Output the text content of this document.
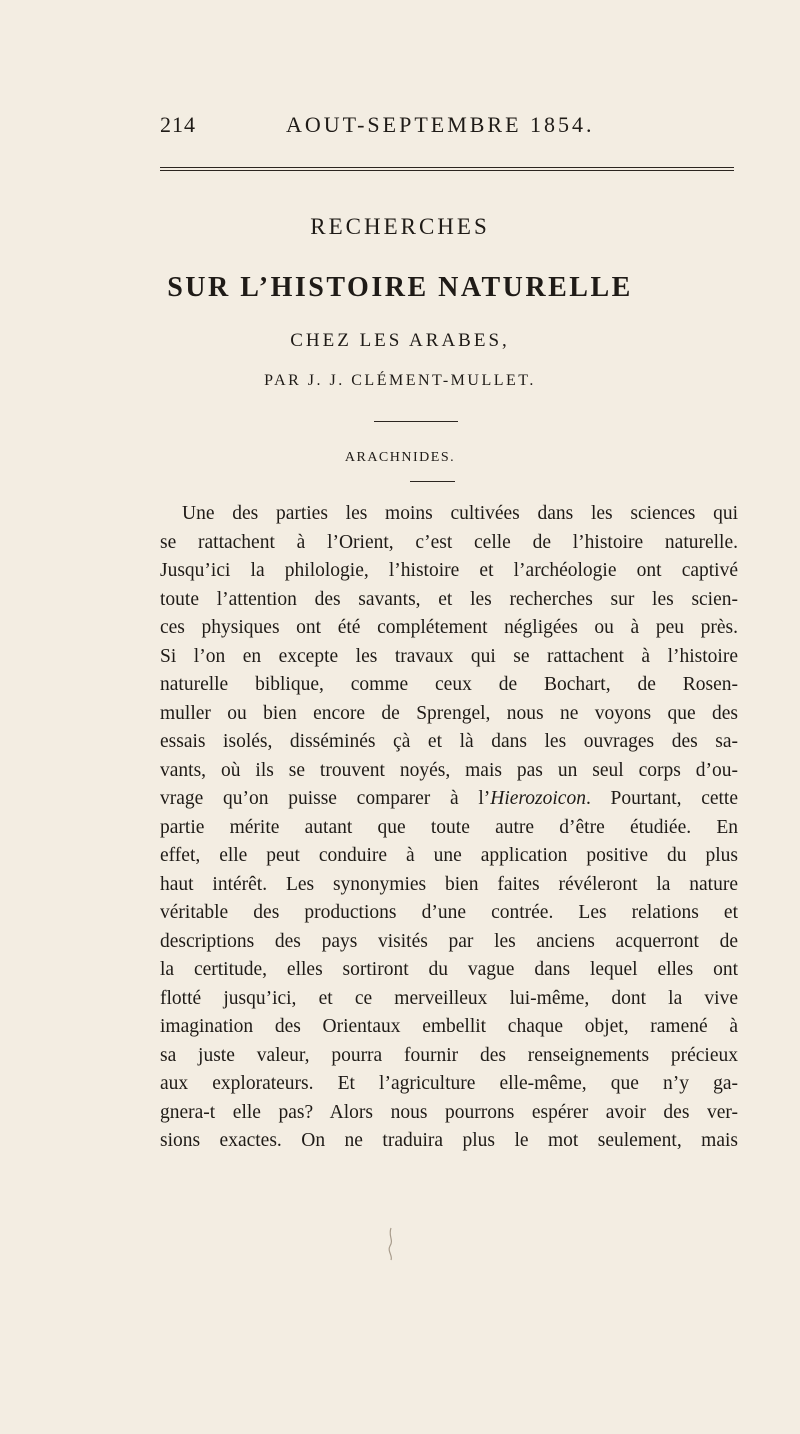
214	AOUT-SEPTEMBRE 1854.
RECHERCHES
SUR L’HISTOIRE NATURELLE
CHEZ LES ARABES,
PAR J. J. CLÉMENT-MULLET.
ARACHNIDES.
Une des parties les moins cultivées dans les sciences qui
se rattachent à l’Orient, c’est celle de l’histoire naturelle.
Jusqu’ici la philologie, l’histoire et l’archéologie ont captivé
toute l’attention des savants, et les recherches sur les scien-
ces physiques ont été complétement négligées ou à peu près.
Si l’on en excepte les travaux qui se rattachent à l’histoire
naturelle biblique, comme ceux de Bochart, de Rosen-
muller ou bien encore de Sprengel, nous ne voyons que des
essais isolés, disséminés çà et là dans les ouvrages des sa-
vants, où ils se trouvent noyés, mais pas un seul corps d’ou-
vrage qu’on puisse comparer à l’Hierozoicon. Pourtant, cette
partie mérite autant que toute autre d’être étudiée. En
effet, elle peut conduire à une application positive du plus
haut intérêt. Les synonymies bien faites révéleront la nature
véritable des productions d’une contrée. Les relations et
descriptions des pays visités par les anciens acquerront de
la certitude, elles sortiront du vague dans lequel elles ont
flotté jusqu’ici, et ce merveilleux lui-même, dont la vive
imagination des Orientaux embellit chaque objet, ramené à
sa juste valeur, pourra fournir des renseignements précieux
aux explorateurs. Et l’agriculture elle-même, que n’y ga-
gnera-t elle pas? Alors nous pourrons espérer avoir des ver-
sions exactes. On ne traduira plus le mot seulement, mais
